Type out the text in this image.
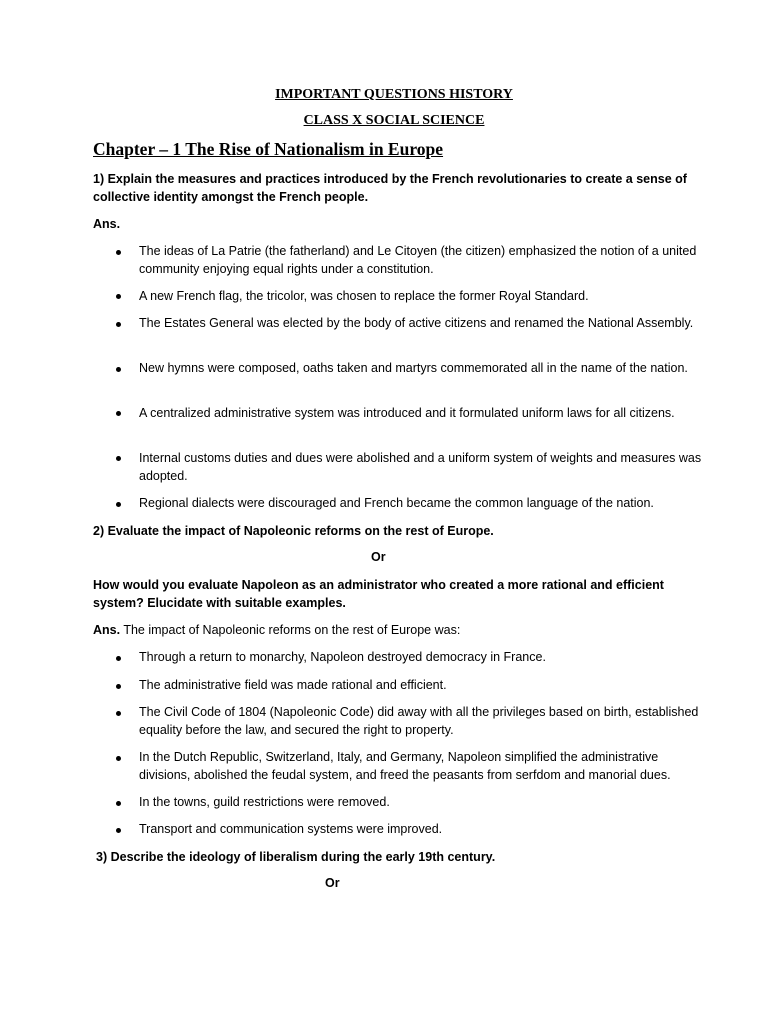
IMPORTANT QUESTIONS HISTORY
CLASS X SOCIAL SCIENCE
Chapter – 1 The Rise of Nationalism in Europe
1) Explain the measures and practices introduced by the French revolutionaries to create a sense of collective identity amongst the French people.
Ans.
The ideas of La Patrie (the fatherland) and Le Citoyen (the citizen) emphasized the notion of a united community enjoying equal rights under a constitution.
A new French flag, the tricolor, was chosen to replace the former Royal Standard.
The Estates General was elected by the body of active citizens and renamed the National Assembly.
New hymns were composed, oaths taken and martyrs commemorated all in the name of the nation.
A centralized administrative system was introduced and it formulated uniform laws for all citizens.
Internal customs duties and dues were abolished and a uniform system of weights and measures was adopted.
Regional dialects were discouraged and French became the common language of the nation.
2) Evaluate the impact of Napoleonic reforms on the rest of Europe.
Or
How would you evaluate Napoleon as an administrator who created a more rational and efficient system? Elucidate with suitable examples.
Ans. The impact of Napoleonic reforms on the rest of Europe was:
Through a return to monarchy, Napoleon destroyed democracy in France.
The administrative field was made rational and efficient.
The Civil Code of 1804 (Napoleonic Code) did away with all the privileges based on birth, established equality before the law, and secured the right to property.
In the Dutch Republic, Switzerland, Italy, and Germany, Napoleon simplified the administrative divisions, abolished the feudal system, and freed the peasants from serfdom and manorial dues.
In the towns, guild restrictions were removed.
Transport and communication systems were improved.
3) Describe the ideology of liberalism during the early 19th century.
Or
